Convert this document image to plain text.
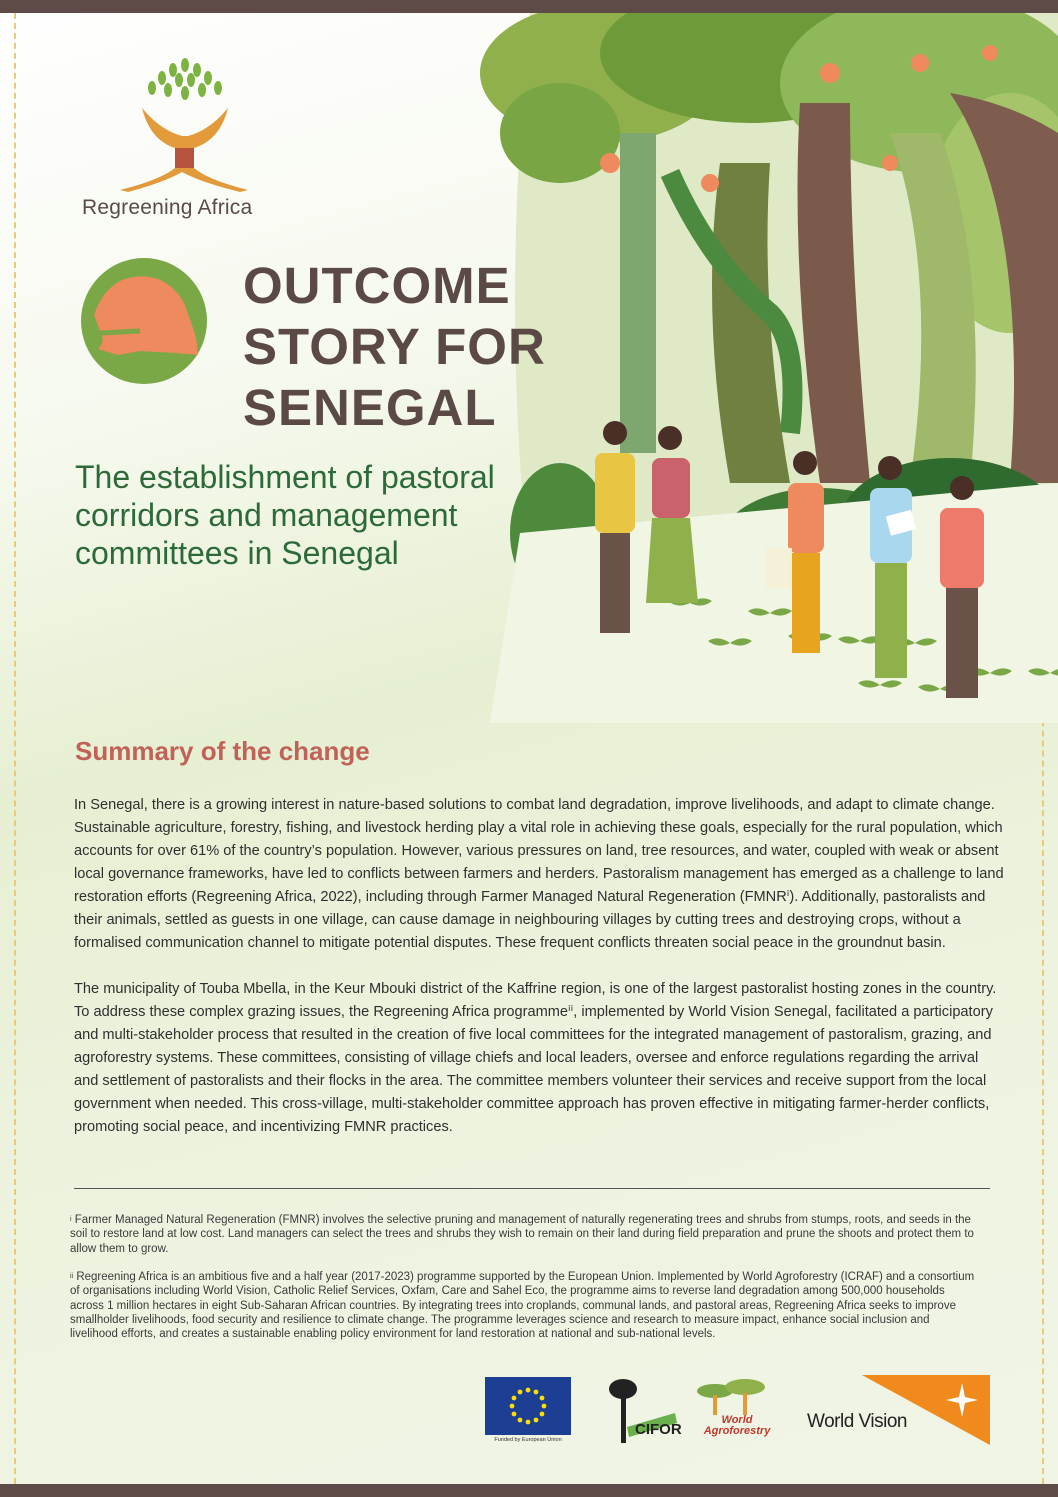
Regreening Africa
OUTCOME
STORY FOR
SENEGAL
The establishment of pastoral
corridors and management
committees in Senegal
Summary of the change

In Senegal, there is a growing interest in nature-based solutions to combat land degradation, improve livelihoods, and adapt to climate change. Sustainable agriculture, forestry, fishing, and livestock herding play a vital role in achieving these goals, especially for the rural population, which accounts for over 61% of the country’s population. However, various pressures on land, tree resources, and water, coupled with weak or absent local governance frameworks, have led to conflicts between farmers and herders. Pastoralism management has emerged as a challenge to land restoration efforts (Regreening Africa, 2022), including through Farmer Managed Natural Regeneration (FMNRⁱ). Additionally, pastoralists and their animals, settled as guests in one village, can cause damage in neighbouring villages by cutting trees and destroying crops, without a formalised communication channel to mitigate potential disputes. These frequent conflicts threaten social peace in the groundnut basin.

The municipality of Touba Mbella, in the Keur Mbouki district of the Kaffrine region, is one of the largest pastoralist hosting zones in the country. To address these complex grazing issues, the Regreening Africa programmeⁱⁱ, implemented by World Vision Senegal, facilitated a participatory and multi-stakeholder process that resulted in the creation of five local committees for the integrated management of pastoralism, grazing, and agroforestry systems. These committees, consisting of village chiefs and local leaders, oversee and enforce regulations regarding the arrival and settlement of pastoralists and their flocks in the area. The committee members volunteer their services and receive support from the local government when needed. This cross-village, multi-stakeholder committee approach has proven effective in mitigating farmer-herder conflicts, promoting social peace, and incentivizing FMNR practices.

$^i$ Farmer Managed Natural Regeneration (FMNR) involves the selective pruning and management of naturally regenerating trees and shrubs from stumps, roots, and seeds in the soil to restore land at low cost. Land managers can select the trees and shrubs they wish to remain on their land during field preparation and prune the shoots and protect them to allow them to grow.
$^{ii}$ Regreening Africa is an ambitious five and a half year (2017-2023) programme supported by the European Union. Implemented by World Agroforestry (ICRAF) and a consortium of organisations including World Vision, Catholic Relief Services, Oxfam, Care and Sahel Eco, the programme aims to reverse land degradation among 500,000 households across 1 million hectares in eight Sub-Saharan African countries. By integrating trees into croplands, communal lands, and pastoral areas, Regreening Africa seeks to improve smallholder livelihoods, food security and resilience to climate change. The programme leverages science and research to measure impact, enhance social inclusion and livelihood efforts, and creates a sustainable enabling policy environment for land restoration at national and sub-national levels.
Funded by European Union
CIFOR
World
Agroforestry World Vision
